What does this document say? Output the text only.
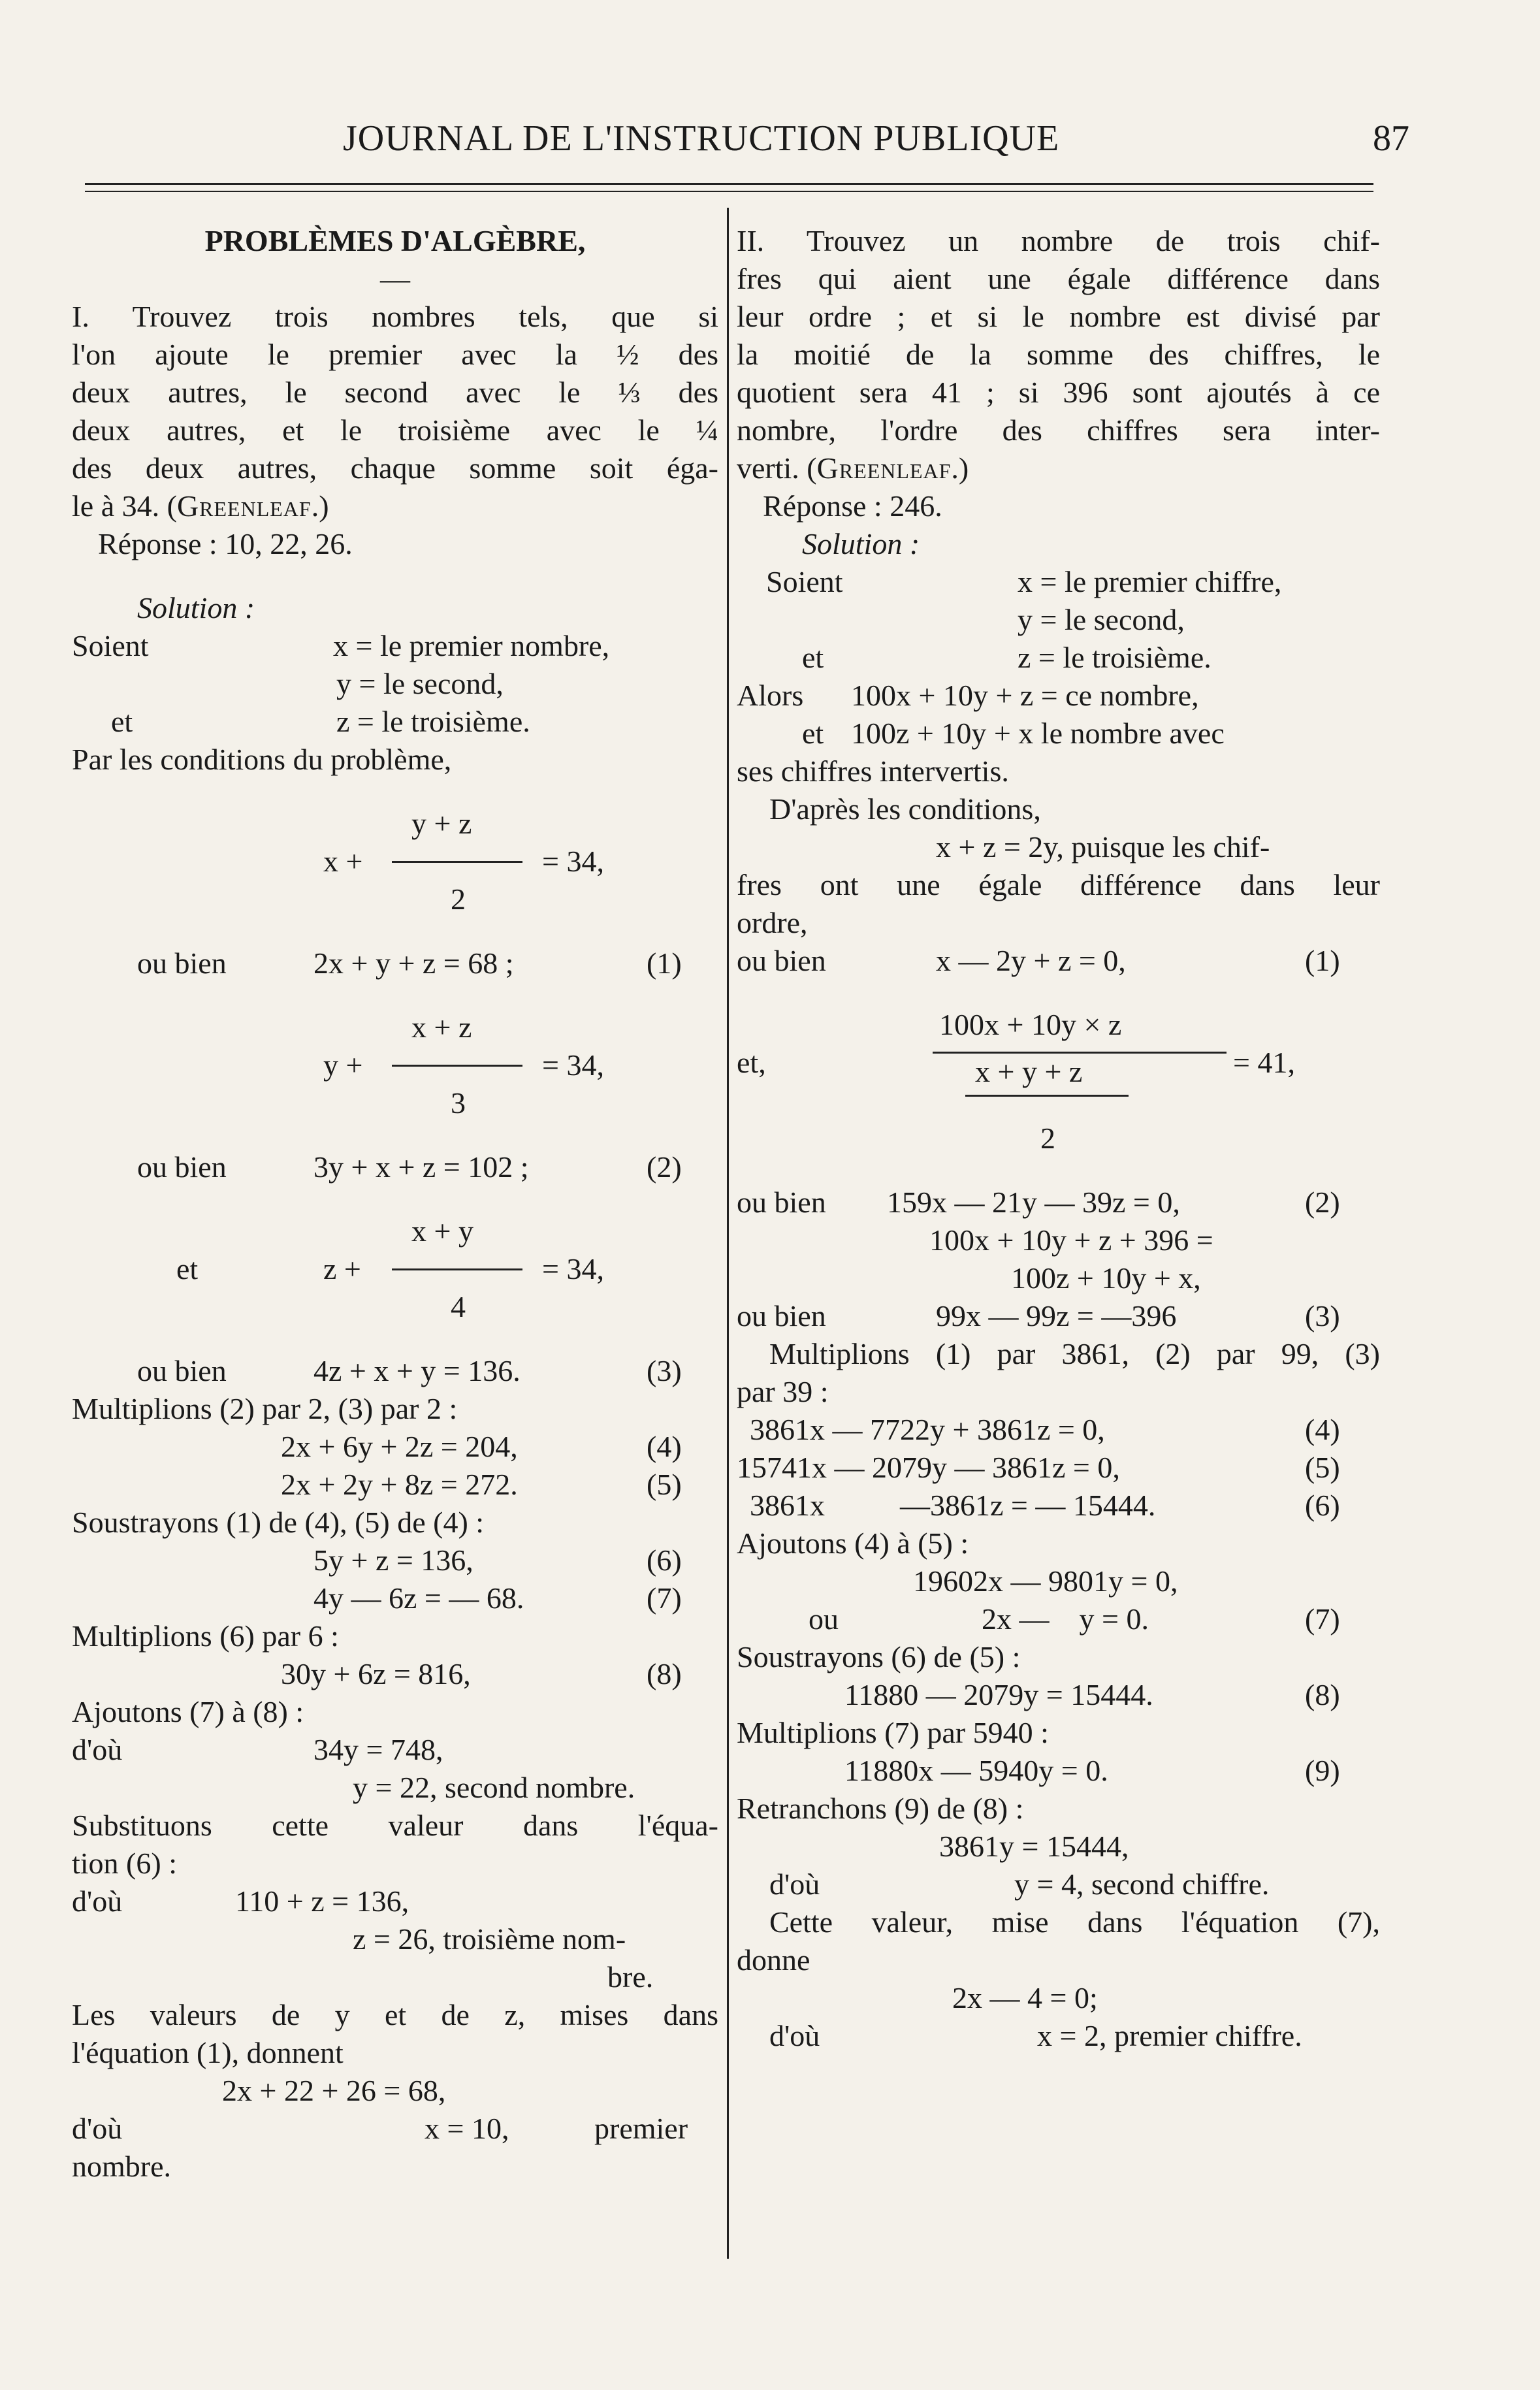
JOURNAL DE L'INSTRUCTION PUBLIQUE	87
PROBLÈMES D'ALGÈBRE,
—
I. Trouvez trois nombres tels, que si
l'on ajoute le premier avec la ½ des
deux autres, le second avec le ⅓ des
deux autres, et le troisième avec le ¼
des deux autres, chaque somme soit éga-
le à 34. (Greenleaf.)
Réponse : 10, 22, 26.
Solution :
Soient	x = le premier nombre,
y = le second,
et	z = le troisième.
Par les conditions du problème,
y + z
x +	= 34,
2
ou bien	2x + y + z = 68 ;	(1)
x + z
y +	= 34,
3
ou bien	3y + x + z = 102 ;	(2)
x + y
et	z +	= 34,
4
ou bien	4z + x + y = 136.	(3)
Multiplions (2) par 2, (3) par 2 :
2x + 6y + 2z = 204,	(4)
2x + 2y + 8z = 272.	(5)
Soustrayons (1) de (4), (5) de (4) :
5y + z = 136,	(6)
4y — 6z = — 68.	(7)
Multiplions (6) par 6 :
30y + 6z = 816,	(8)
Ajoutons (7) à (8) :
d'où	34y = 748,
y = 22, second nombre.
Substituons cette valeur dans l'équa-
tion (6) :
d'où	110 + z = 136,
z = 26, troisième nom-
bre.
Les valeurs de y et de z, mises dans
l'équation (1), donnent
2x + 22 + 26 = 68,
d'où	x = 10,	premier
nombre.
II. Trouvez un nombre de trois chif-
fres qui aient une égale différence dans
leur ordre ; et si le nombre est divisé par
la moitié de la somme des chiffres, le
quotient sera 41 ; si 396 sont ajoutés à ce
nombre, l'ordre des chiffres sera inter-
verti. (Greenleaf.)
Réponse : 246.
Solution :
Soient	x = le premier chiffre,
y = le second,
et	z = le troisième.
Alors 100x + 10y + z = ce nombre,
et 100z + 10y + x le nombre avec
ses chiffres intervertis.
D'après les conditions,
x + z = 2y, puisque les chif-
fres ont une égale différence dans leur
ordre,
ou bien	x — 2y + z = 0,	(1)
100x + 10y × z
et,	x + y + z	= 41,
2
ou bien 159x — 21y — 39z = 0,	(2)
100x + 10y + z + 396 =
100z + 10y + x,
ou bien	99x — 99z = —396	(3)
Multiplions (1) par 3861, (2) par 99, (3)
par 39 :
3861x — 7722y + 3861z = 0,	(4)
15741x — 2079y — 3861z = 0,	(5)
3861x          —3861z = — 15444.	(6)
Ajoutons (4) à (5) :
19602x — 9801y = 0,
ou	2x —    y = 0.	(7)
Soustrayons (6) de (5) :
11880 — 2079y = 15444.	(8)
Multiplions (7) par 5940 :
11880x — 5940y = 0.	(9)
Retranchons (9) de (8) :
3861y = 15444,
d'où	y = 4, second chiffre.
Cette valeur, mise dans l'équation (7),
donne
2x — 4 = 0;
d'où	x = 2, premier chiffre.
